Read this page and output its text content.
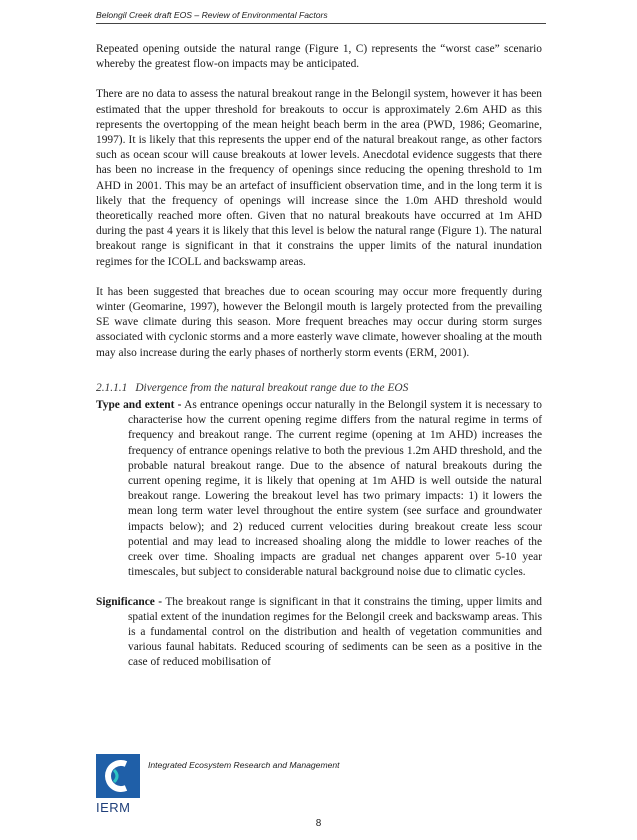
Belongil Creek draft EOS – Review of Environmental Factors

Repeated opening outside the natural range (Figure 1, C) represents the “worst case” scenario whereby the greatest flow-on impacts may be anticipated.

There are no data to assess the natural breakout range in the Belongil system, however it has been estimated that the upper threshold for breakouts to occur is approximately 2.6m AHD as this represents the overtopping of the mean height beach berm in the area (PWD, 1986; Geomarine, 1997). It is likely that this represents the upper end of the natural breakout range, as other factors such as ocean scour will cause breakouts at lower levels. Anecdotal evidence suggests that there has been no increase in the frequency of openings since reducing the opening threshold to 1m AHD in 2001. This may be an artefact of insufficient observation time, and in the long term it is likely that the frequency of openings will increase since the 1.0m AHD threshold would theoretically reached more often. Given that no natural breakouts have occurred at 1m AHD during the past 4 years it is likely that this level is below the natural range (Figure 1). The natural breakout range is significant in that it constrains the upper limits of the natural inundation regimes for the ICOLL and backswamp areas.

It has been suggested that breaches due to ocean scouring may occur more frequently during winter (Geomarine, 1997), however the Belongil mouth is largely protected from the prevailing SE wave climate during this season. More frequent breaches may occur during storm surges associated with cyclonic storms and a more easterly wave climate, however shoaling at the mouth may also increase during the early phases of northerly storm events (ERM, 2001).

2.1.1.1 Divergence from the natural breakout range due to the EOS
Type and extent - As entrance openings occur naturally in the Belongil system it is necessary to characterise how the current opening regime differs from the natural regime in terms of frequency and breakout range. The current regime (opening at 1m AHD) increases the frequency of entrance openings relative to both the previous 1.2m AHD threshold, and the probable natural breakout range. Due to the absence of natural breakouts during the current opening regime, it is likely that opening at 1m AHD is well outside the natural breakout range. Lowering the breakout level has two primary impacts: 1) it lowers the mean long term water level throughout the entire system (see surface and groundwater impacts below); and 2) reduced current velocities during breakout create less scour potential and may lead to increased shoaling along the middle to lower reaches of the creek over time. Shoaling impacts are gradual net changes apparent over 5-10 year timescales, but subject to considerable natural background noise due to climatic cycles.
Significance - The breakout range is significant in that it constrains the timing, upper limits and spatial extent of the inundation regimes for the Belongil creek and backswamp areas. This is a fundamental control on the distribution and health of vegetation communities and various faunal habitats. Reduced scouring of sediments can be seen as a positive in the case of reduced mobilisation of
IERM
Integrated Ecosystem Research and Management
8
